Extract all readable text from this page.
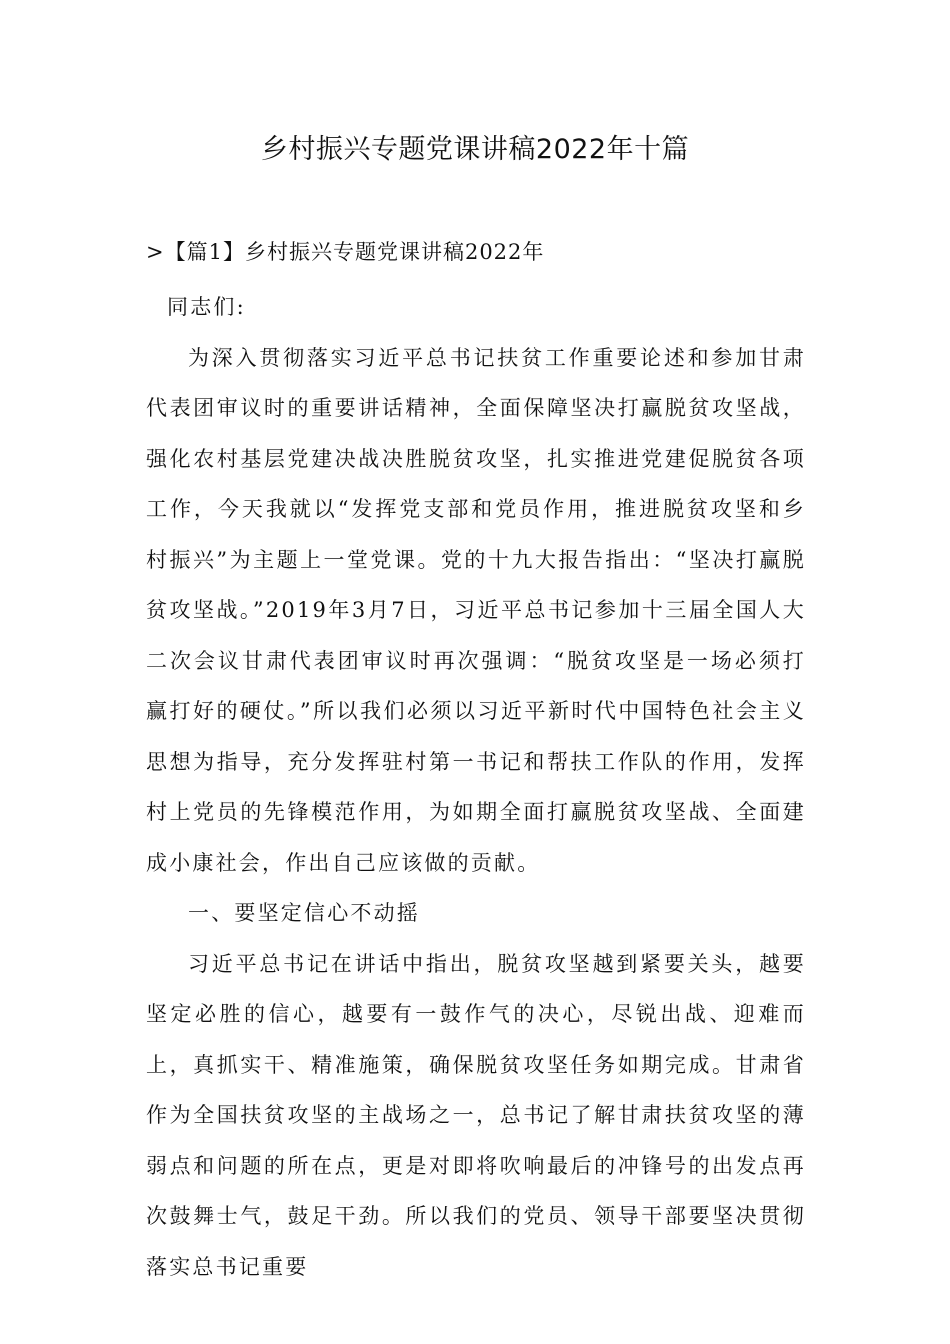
乡村振兴专题党课讲稿2022年十篇
>【篇1】乡村振兴专题党课讲稿2022年

同志们:

为深入贯彻落实习近平总书记扶贫工作重要论述和参加甘肃代表团审议时的重要讲话精神，全面保障坚决打赢脱贫攻坚战，强化农村基层党建决战决胜脱贫攻坚，扎实推进党建促脱贫各项工作，今天我就以“发挥党支部和党员作用，推进脱贫攻坚和乡村振兴”为主题上一堂党课。党的十九大报告指出：“坚决打赢脱贫攻坚战。”2019年3月7日，习近平总书记参加十三届全国人大二次会议甘肃代表团审议时再次强调：“脱贫攻坚是一场必须打赢打好的硬仗。”所以我们必须以习近平新时代中国特色社会主义思想为指导，充分发挥驻村第一书记和帮扶工作队的作用，发挥村上党员的先锋模范作用，为如期全面打赢脱贫攻坚战、全面建成小康社会，作出自己应该做的贡献。

一、要坚定信心不动摇

习近平总书记在讲话中指出，脱贫攻坚越到紧要关头，越要坚定必胜的信心，越要有一鼓作气的决心，尽锐出战、迎难而上，真抓实干、精准施策，确保脱贫攻坚任务如期完成。甘肃省作为全国扶贫攻坚的主战场之一，总书记了解甘肃扶贫攻坚的薄弱点和问题的所在点，更是对即将吹响最后的冲锋号的出发点再次鼓舞士气，鼓足干劲。所以我们的党员、领导干部要坚决贯彻落实总书记重要
